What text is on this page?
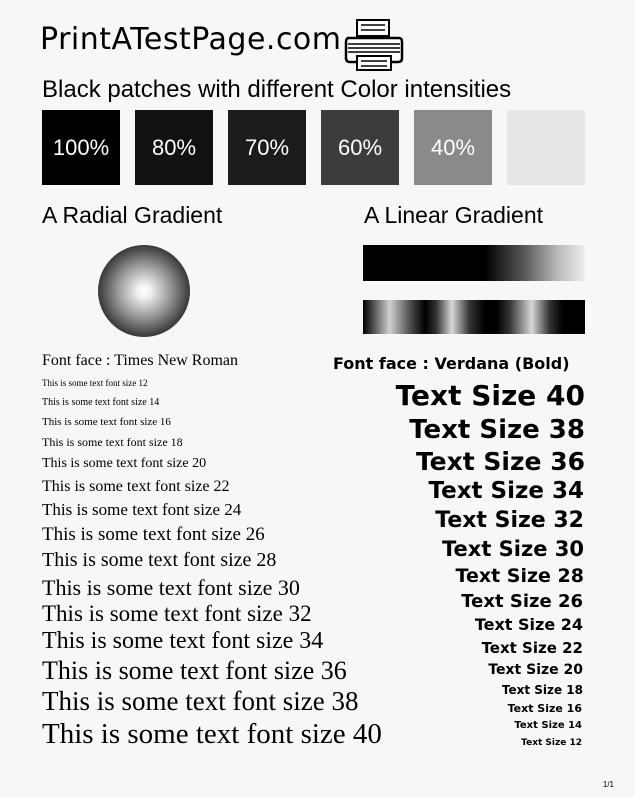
PrintATestPage.com
Black patches with different Color intensities
100% 80% 70% 60% 40%
A Radial Gradient	A Linear Gradient
Font face : Times New Roman
This is some text font size 12
This is some text font size 14
This is some text font size 16
This is some text font size 18
This is some text font size 20
This is some text font size 22
This is some text font size 24
This is some text font size 26
This is some text font size 28
This is some text font size 30
This is some text font size 32
This is some text font size 34
This is some text font size 36
This is some text font size 38
This is some text font size 40
Font face : Verdana (Bold)
Text Size 40
Text Size 38
Text Size 36
Text Size 34
Text Size 32
Text Size 30
Text Size 28
Text Size 26
Text Size 24
Text Size 22
Text Size 20
Text Size 18
Text Size 16
Text Size 14
Text Size 12
1/1
